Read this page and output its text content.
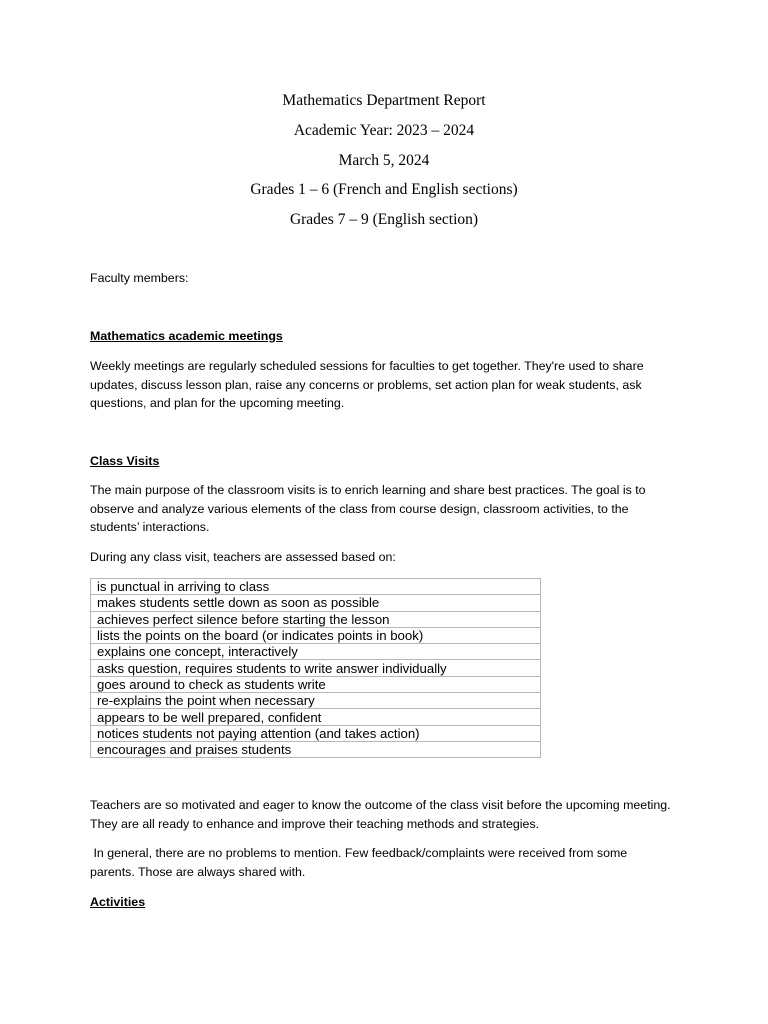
Mathematics Department Report
Academic Year: 2023 – 2024
March 5, 2024
Grades 1 – 6 (French and English sections)
Grades 7 – 9 (English section)
Faculty members:
Mathematics academic meetings
Weekly meetings are regularly scheduled sessions for faculties to get together. They're used to share updates, discuss lesson plan, raise any concerns or problems, set action plan for weak students, ask questions, and plan for the upcoming meeting.
Class Visits
The main purpose of the classroom visits is to enrich learning and share best practices. The goal is to observe and analyze various elements of the class from course design, classroom activities, to the students’ interactions.
During any class visit, teachers are assessed based on:
is punctual in arriving to class
makes students settle down as soon as possible
achieves perfect silence before starting the lesson
lists the points on the board (or indicates points in book)
explains one concept, interactively
asks question, requires students to write answer individually
goes around to check as students write
re-explains the point when necessary
appears to be well prepared, confident
notices students not paying attention (and takes action)
encourages and praises students
Teachers are so motivated and eager to know the outcome of the class visit before the upcoming meeting. They are all ready to enhance and improve their teaching methods and strategies.
In general, there are no problems to mention. Few feedback/complaints were received from some parents. Those are always shared with.
Activities
